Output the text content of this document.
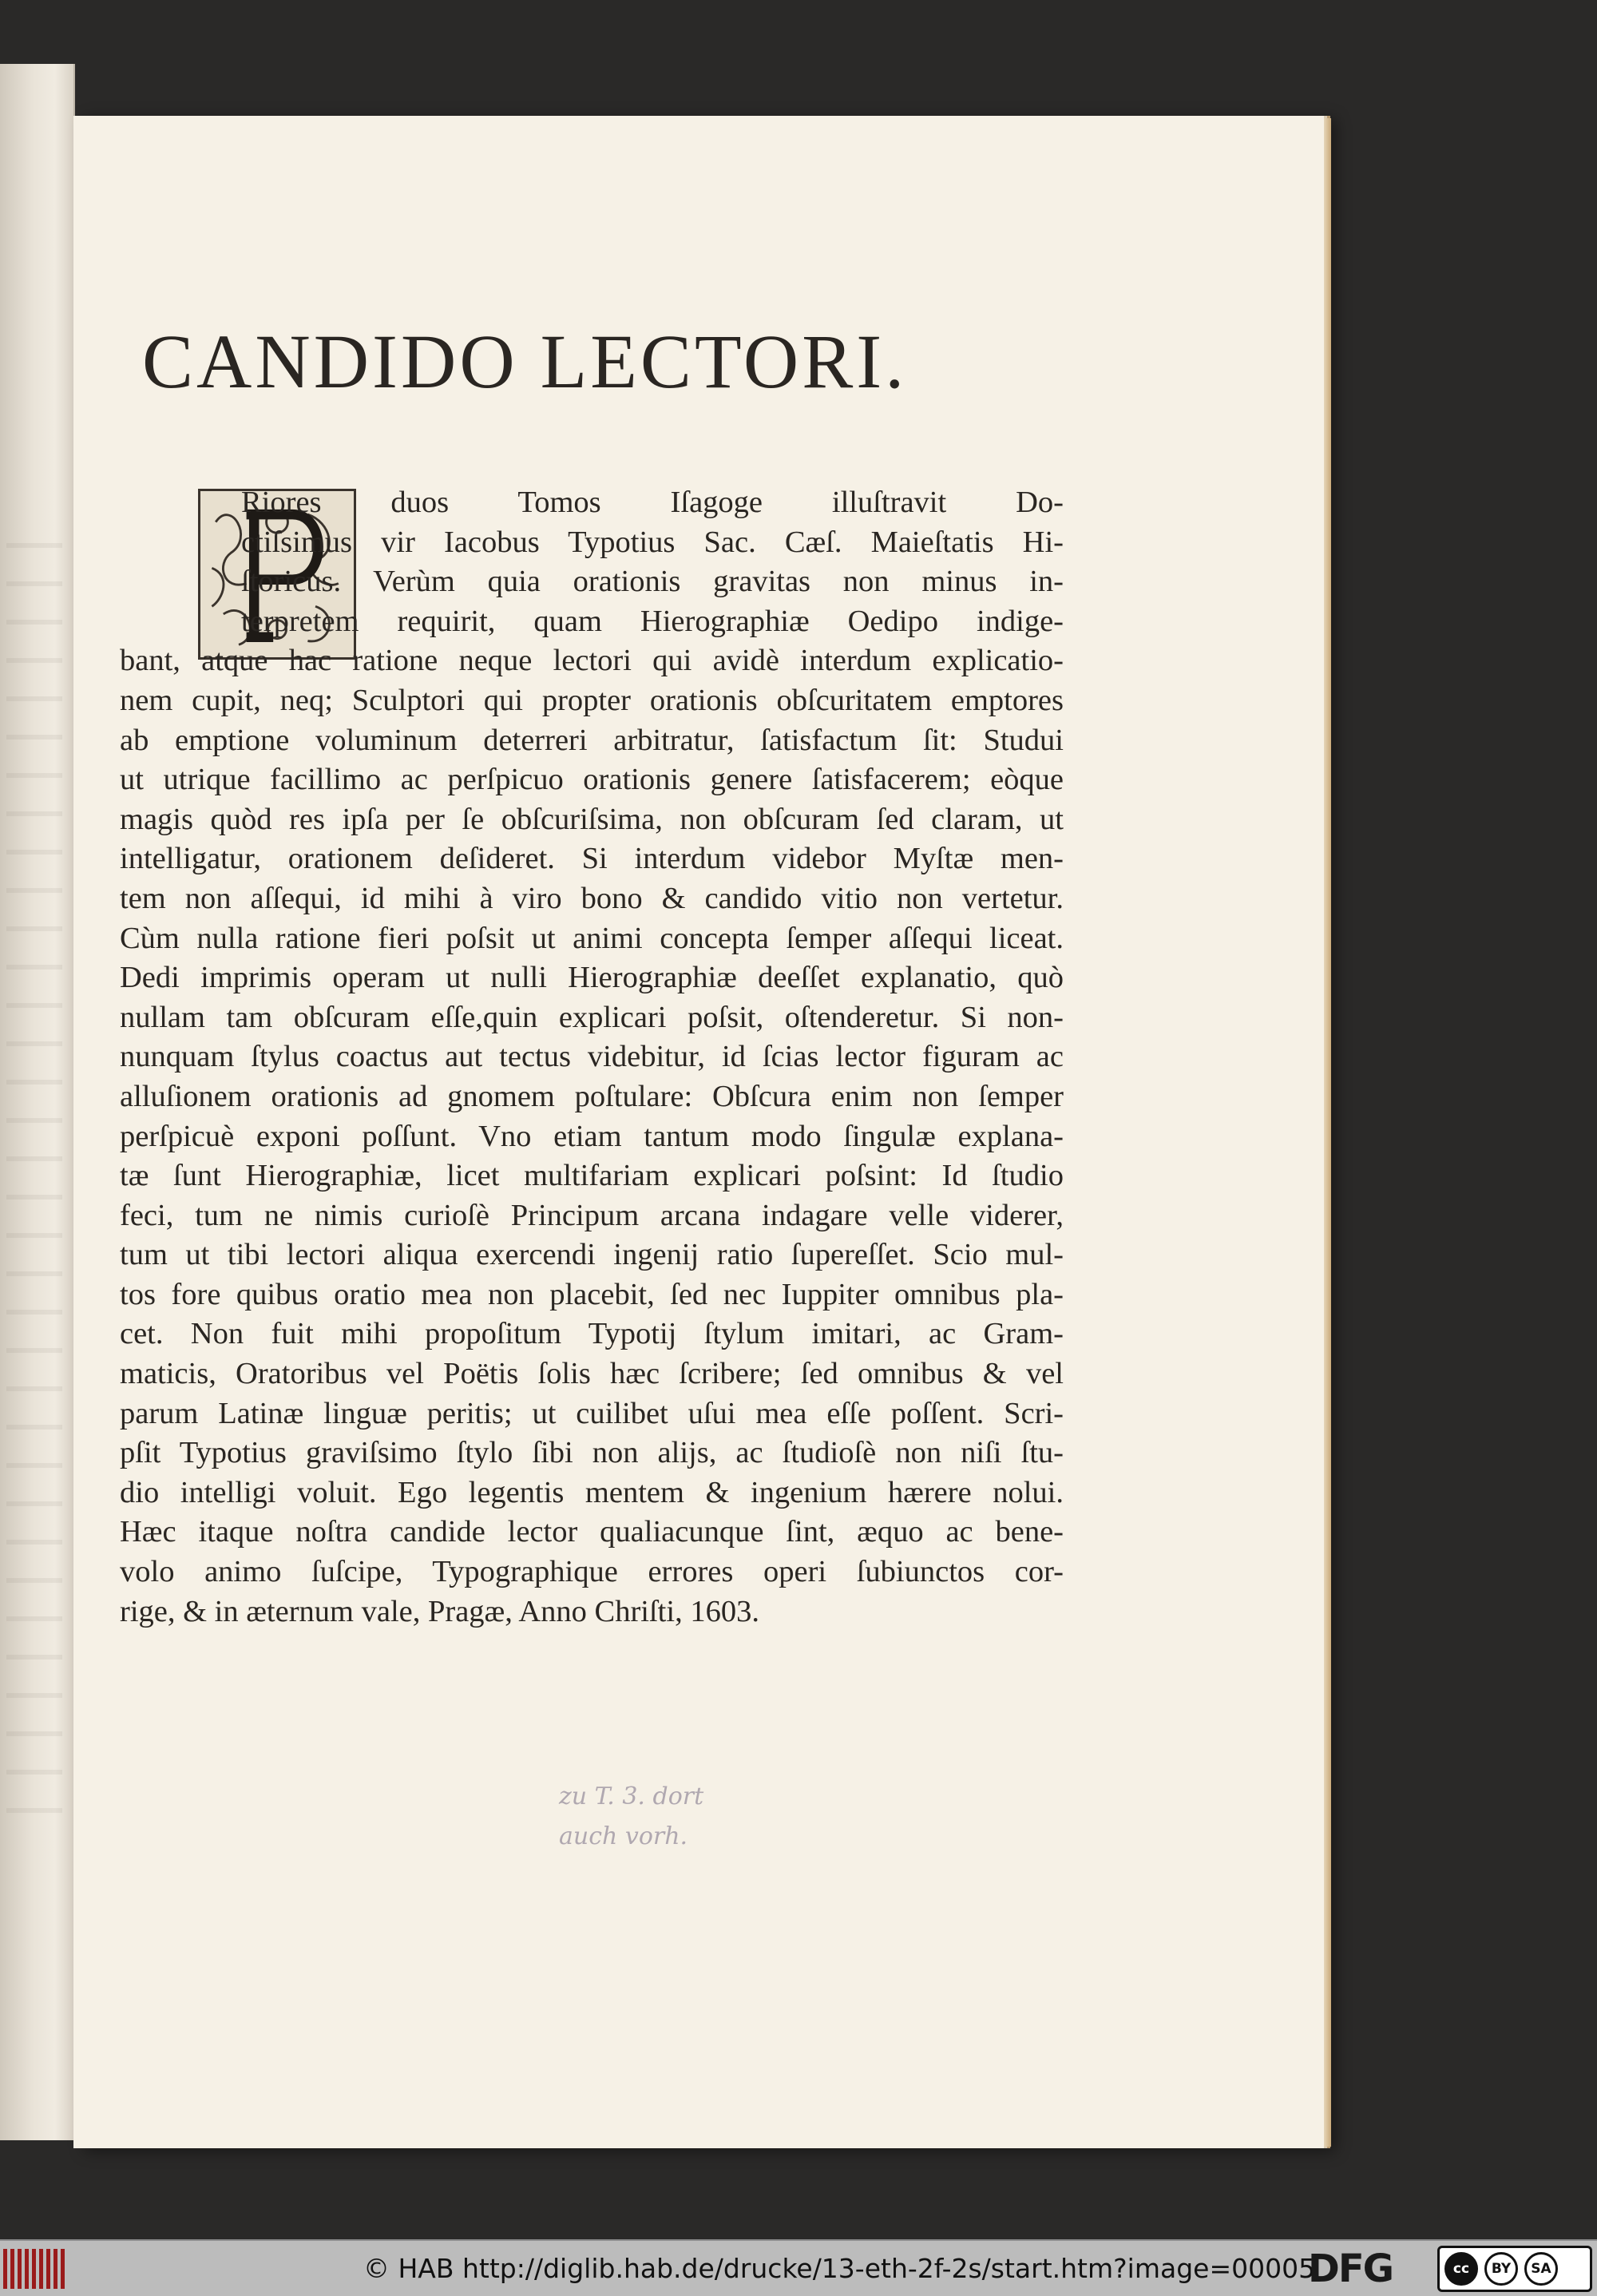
CANDIDO LECTORI.
Riores duos Tomos Iſagoge illuſtravit Do-
ctiſsimus vir Iacobus Typotius Sac. Cæſ. Maieſtatis Hi-
ſtoricus. Verùm quia orationis gravitas non minus in-
terpretem requirit, quam Hierographiæ Oedipo indige-
bant, atque hac ratione neque lectori qui avidè interdum explicatio-
nem cupit, neq; Sculptori qui propter orationis obſcuritatem emptores
ab emptione voluminum deterreri arbitratur, ſatisfactum ſit: Studui
ut utrique facillimo ac perſpicuo orationis genere ſatisfacerem; eòque
magis quòd res ipſa per ſe obſcuriſsima, non obſcuram ſed claram, ut
intelligatur, orationem deſideret. Si interdum videbor Myſtæ men-
tem non aſſequi, id mihi à viro bono & candido vitio non vertetur.
Cùm nulla ratione fieri poſsit ut animi concepta ſemper aſſequi liceat.
Dedi imprimis operam ut nulli Hierographiæ deeſſet explanatio, quò
nullam tam obſcuram eſſe,quin explicari poſsit, oſtenderetur. Si non-
nunquam ſtylus coactus aut tectus videbitur, id ſcias lector figuram ac
alluſionem orationis ad gnomem poſtulare: Obſcura enim non ſemper
perſpicuè exponi poſſunt. Vno etiam tantum modo ſingulæ explana-
tæ ſunt Hierographiæ, licet multifariam explicari poſsint: Id ſtudio
feci, tum ne nimis curioſè Principum arcana indagare velle viderer,
tum ut tibi lectori aliqua exercendi ingenij ratio ſupereſſet. Scio mul-
tos fore quibus oratio mea non placebit, ſed nec Iuppiter omnibus pla-
cet. Non fuit mihi propoſitum Typotij ſtylum imitari, ac Gram-
maticis, Oratoribus vel Poëtis ſolis hæc ſcribere; ſed omnibus & vel
parum Latinæ linguæ peritis; ut cuilibet uſui mea eſſe poſſent. Scri-
pſit Typotius graviſsimo ſtylo ſibi non alijs, ac ſtudioſè non niſi ſtu-
dio intelligi voluit. Ego legentis mentem & ingenium hærere nolui.
Hæc itaque noſtra candide lector qualiacunque ſint, æquo ac bene-
volo animo ſuſcipe, Typographique errores operi ſubiunctos cor-
rige, & in æternum vale, Pragæ, Anno Chriſti, 1603.
zu T. 3. dort
auch vorh.
© HAB http://diglib.hab.de/drucke/13-eth-2f-2s/start.htm?image=00005
DFG	cc	BY	SA
